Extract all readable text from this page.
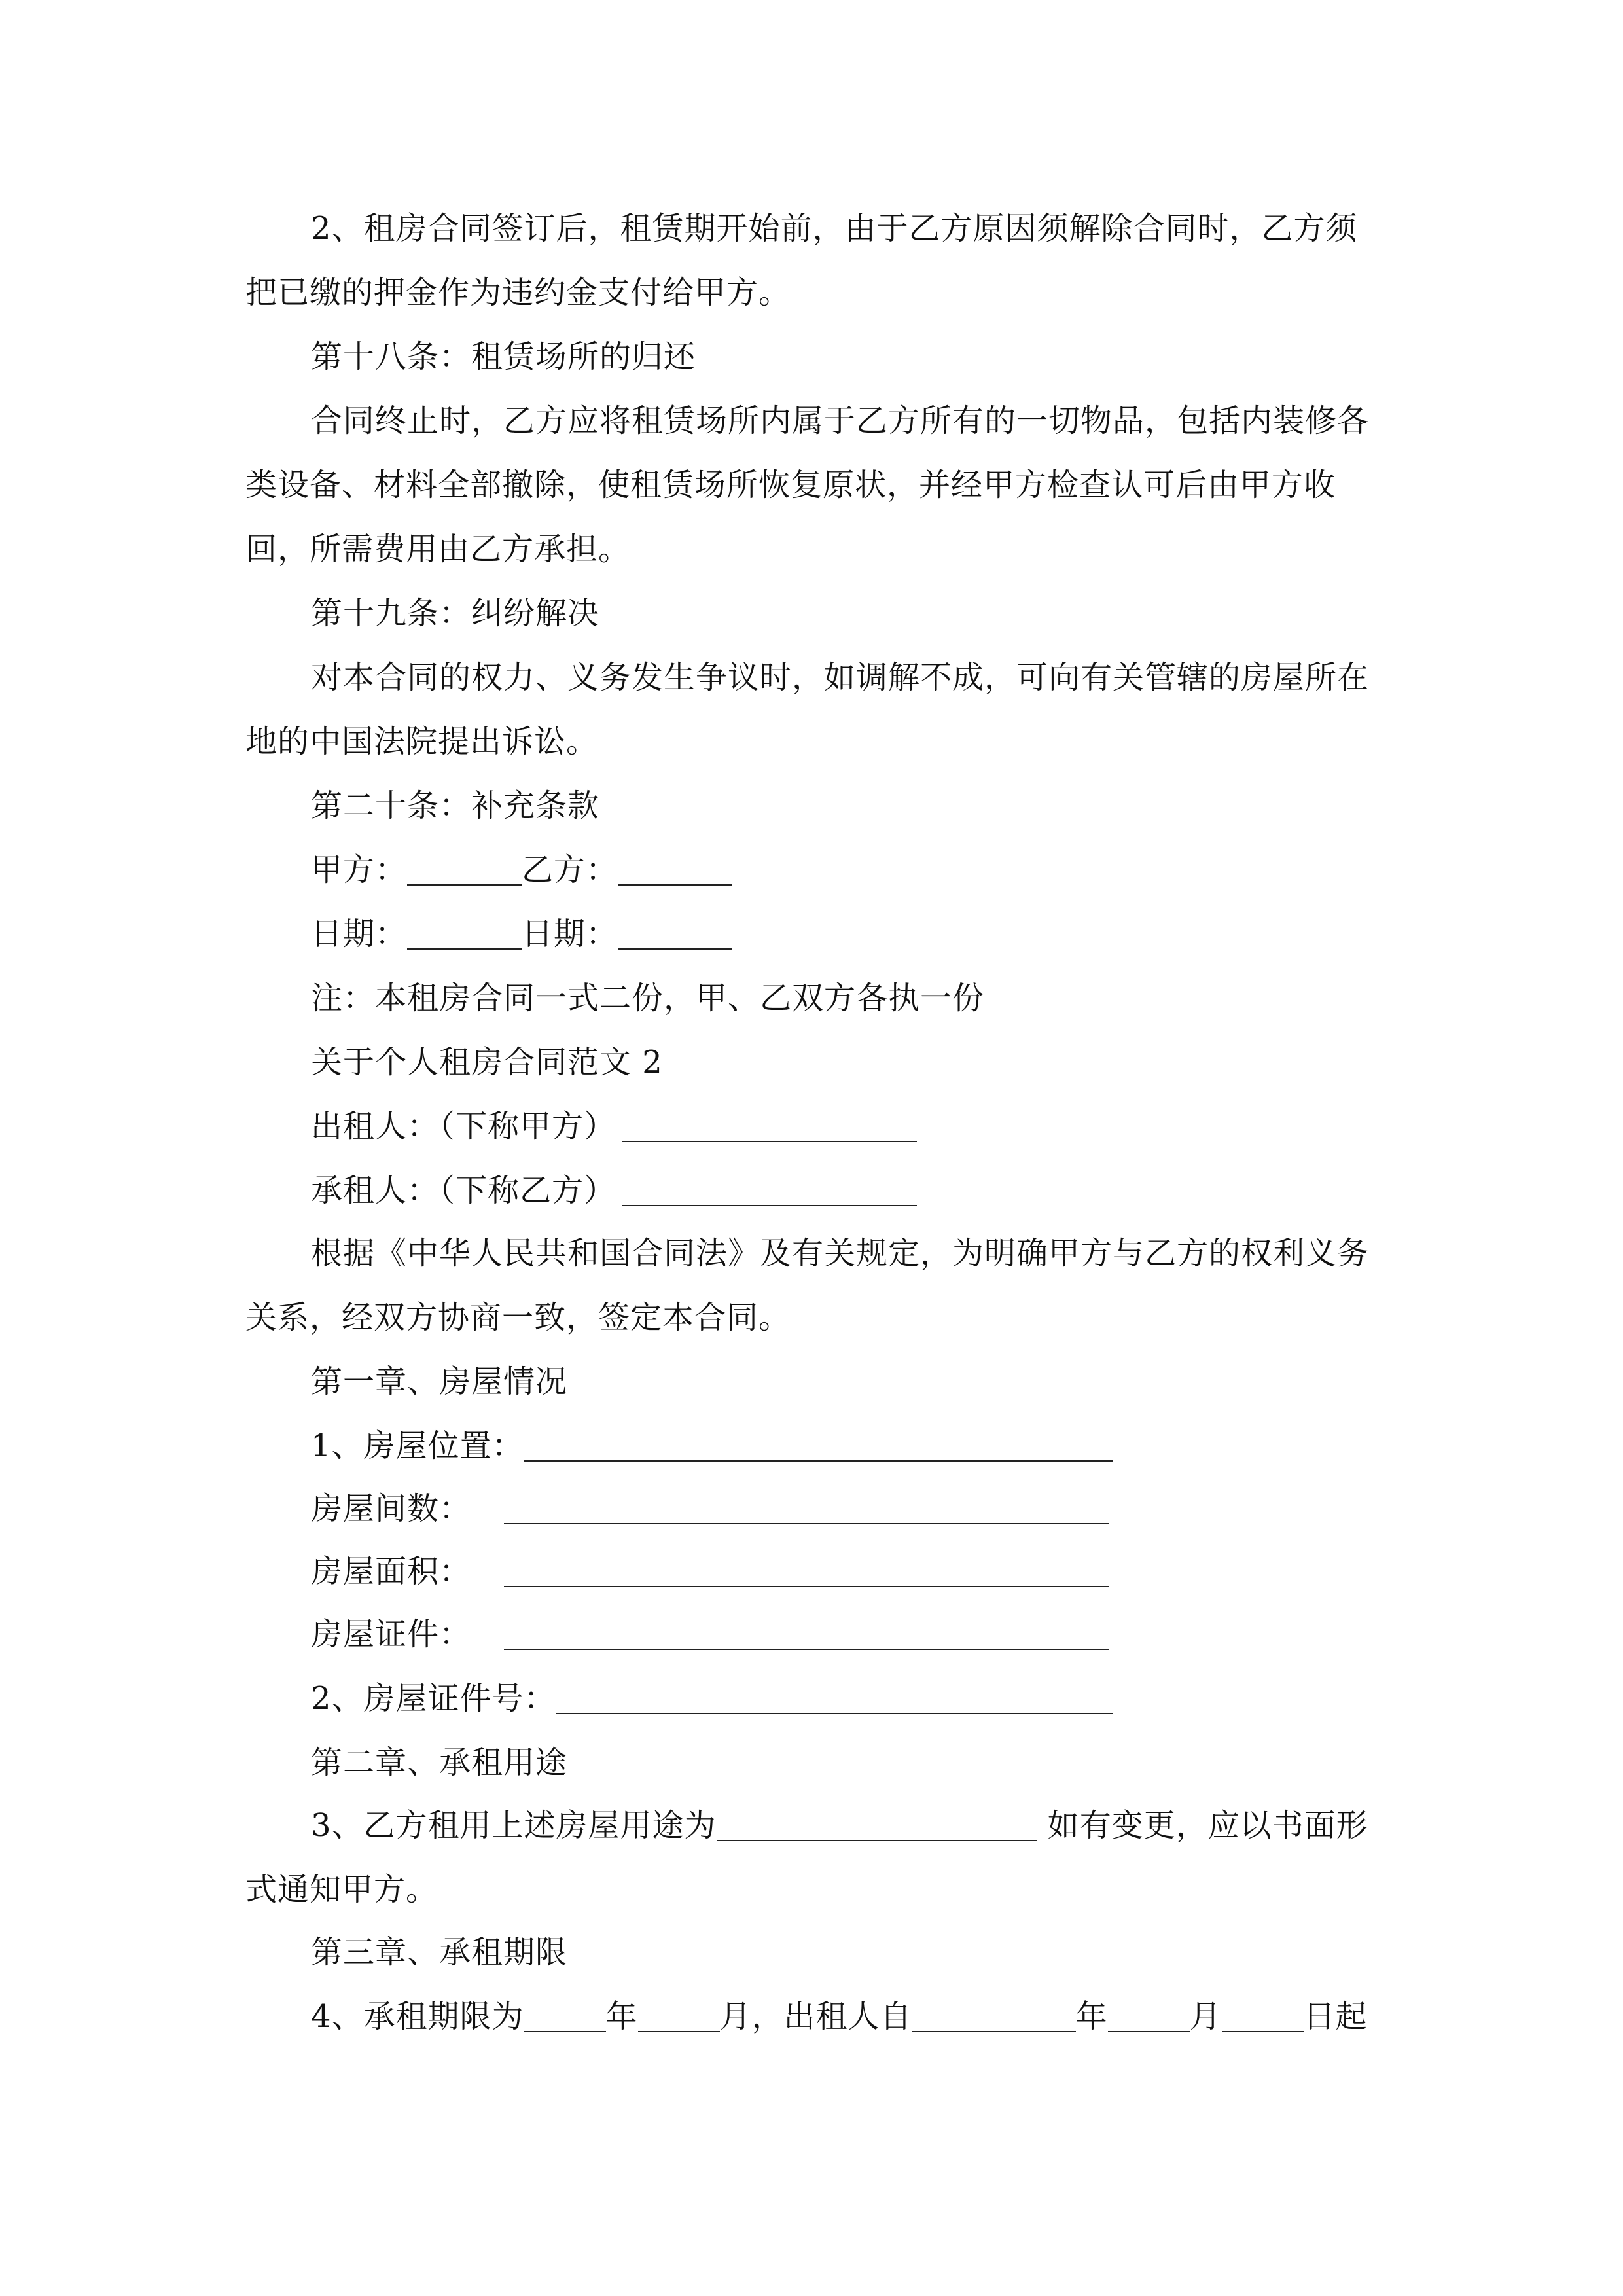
2、租房合同签订后，租赁期开始前，由于乙方原因须解除合同时，乙方须把已缴的押金作为违约金支付给甲方。
第十八条：租赁场所的归还
合同终止时，乙方应将租赁场所内属于乙方所有的一切物品，包括内装修各类设备、材料全部撤除，使租赁场所恢复原状，并经甲方检查认可后由甲方收回，所需费用由乙方承担。
第十九条：纠纷解决
对本合同的权力、义务发生争议时，如调解不成，可向有关管辖的房屋所在地的中国法院提出诉讼。
第二十条：补充条款
甲方：	乙方：
日期：	日期：
注：本租房合同一式二份，甲、乙双方各执一份
关于个人租房合同范文 2
出租人：（下称甲方）
承租人：（下称乙方）
根据《中华人民共和国合同法》及有关规定，为明确甲方与乙方的权利义务关系，经双方协商一致，签定本合同。
第一章、房屋情况
1、房屋位置：
房屋间数：
房屋面积：
房屋证件：
2、房屋证件号：
第二章、承租用途
3、乙方租用上述房屋用途为	如有变更，应以书面形式通知甲方。
第三章、承租期限
4、承租期限为	年	月，出租人自	年	月	日起
